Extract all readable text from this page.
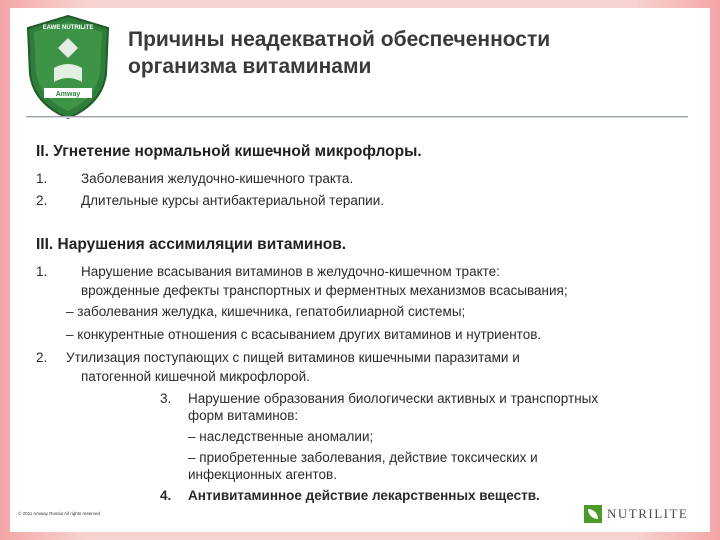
EAWE NUTRILITE
Amway
Причины неадекватной обеспеченности
организма витаминами
II. Угнетение нормальной кишечной микрофлоры.
1. Заболевания желудочно-кишечного тракта.
2. Длительные курсы антибактериальной терапии.
III. Нарушения ассимиляции витаминов.
1. Нарушение всасывания витаминов в желудочно-кишечном тракте:
врожденные дефекты транспортных и ферментных механизмов всасывания;
– заболевания желудка, кишечника, гепатобилиарной системы;
– конкурентные отношения с всасыванием других витаминов и нутриентов.
2. Утилизация поступающих с пищей витаминов кишечными паразитами и
патогенной кишечной микрофлорой.
3. Нарушение образования биологически активных и транспортных
форм витаминов:
– наследственные аномалии;
– приобретенные заболевания, действие токсических и
инфекционных агентов.
4. Антивитаминное действие лекарственных веществ.
© 2011 Amway Russia All rights reserved	NUTRILITE
